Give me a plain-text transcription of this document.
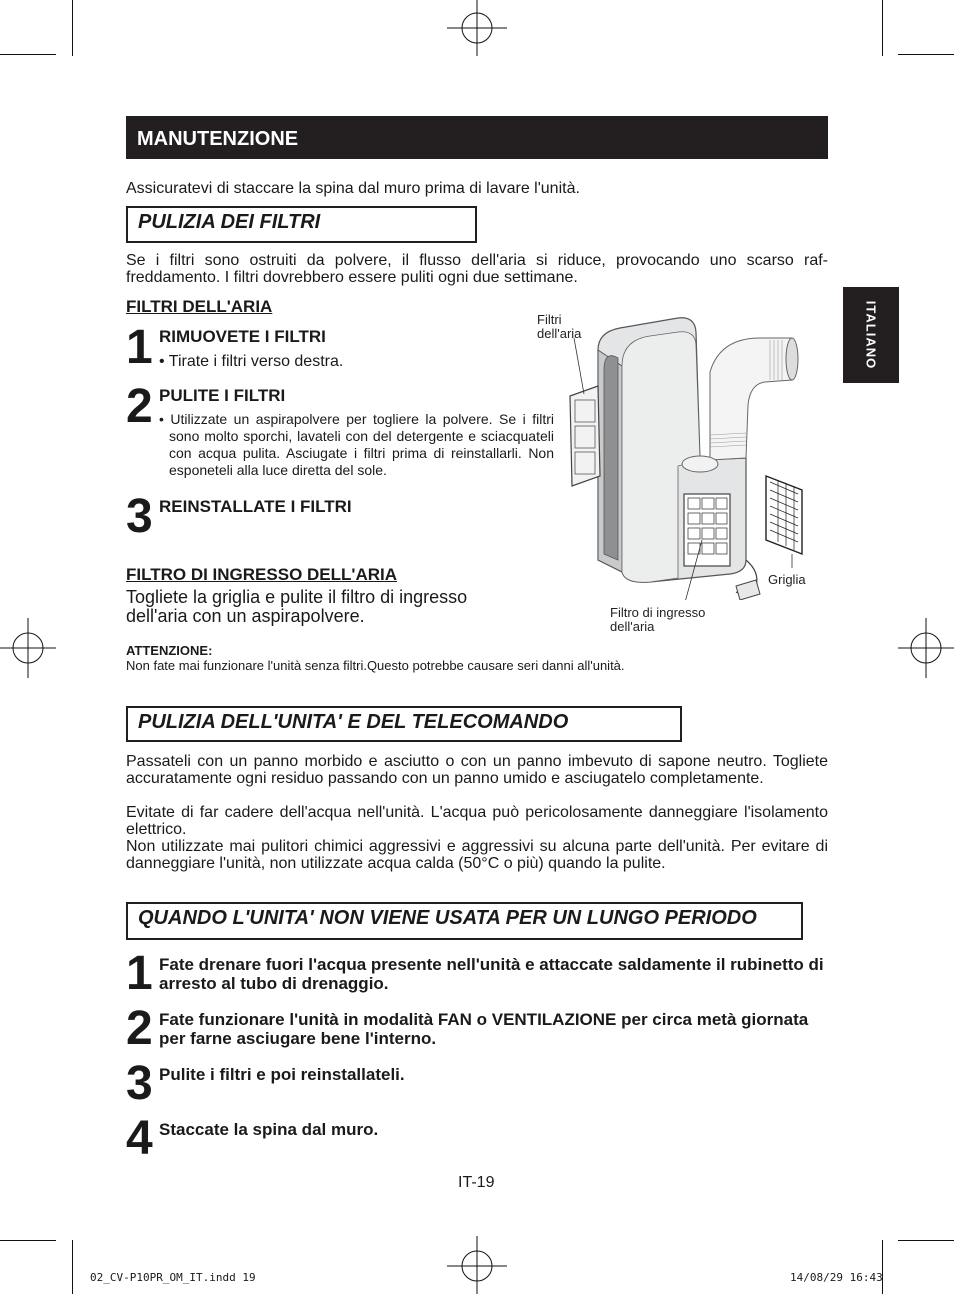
MANUTENZIONE
ITALIANO
Assicuratevi di staccare la spina dal muro prima di lavare l'unità.
PULIZIA DEI FILTRI
Se i filtri sono ostruiti da polvere, il flusso dell'aria si riduce, provocando uno scarso raffreddamento. I filtri dovrebbero essere puliti ogni due settimane.
FILTRI DELL'ARIA
1 RIMUOVETE I FILTRI
• Tirate i filtri verso destra.
2 PULITE I FILTRI
• Utilizzate un aspirapolvere per togliere la polvere. Se i filtri sono molto sporchi, lavateli con del detergente e sciacquateli con acqua pulita. Asciugate i filtri prima di reinstallarli. Non esponeteli alla luce diretta del sole.
3 REINSTALLATE I FILTRI
FILTRO DI INGRESSO DELL'ARIA
Togliete la griglia e pulite il filtro di ingresso dell'aria con un aspirapolvere.
ATTENZIONE:
Non fate mai funzionare l'unità senza filtri.Questo potrebbe causare seri danni all'unità.
Filtri dell'aria
Griglia
Filtro di ingresso dell'aria
PULIZIA DELL'UNITA' E DEL TELECOMANDO
Passateli con un panno morbido e asciutto o con un panno imbevuto di sapone neutro. Togliete accuratamente ogni residuo passando con un panno umido e asciugatelo completamente.
Evitate di far cadere dell'acqua nell'unità. L'acqua può pericolosamente danneggiare l'isolamento elettrico.
Non utilizzate mai pulitori chimici aggressivi e aggressivi su alcuna parte dell'unità. Per evitare di danneggiare l'unità, non utilizzate acqua calda (50°C o più) quando la pulite.
QUANDO L'UNITA' NON VIENE USATA PER UN LUNGO PERIODO
1 Fate drenare fuori l'acqua presente nell'unità e attaccate saldamente il rubinetto di arresto al tubo di drenaggio.
2 Fate funzionare l'unità in modalità FAN o VENTILAZIONE per circa metà giornata per farne asciugare bene l'interno.
3 Pulite i filtri e poi reinstallateli.
4 Staccate la spina dal muro.
IT-19
02_CV-P10PR_OM_IT.indd 19	14/08/29 16:43
